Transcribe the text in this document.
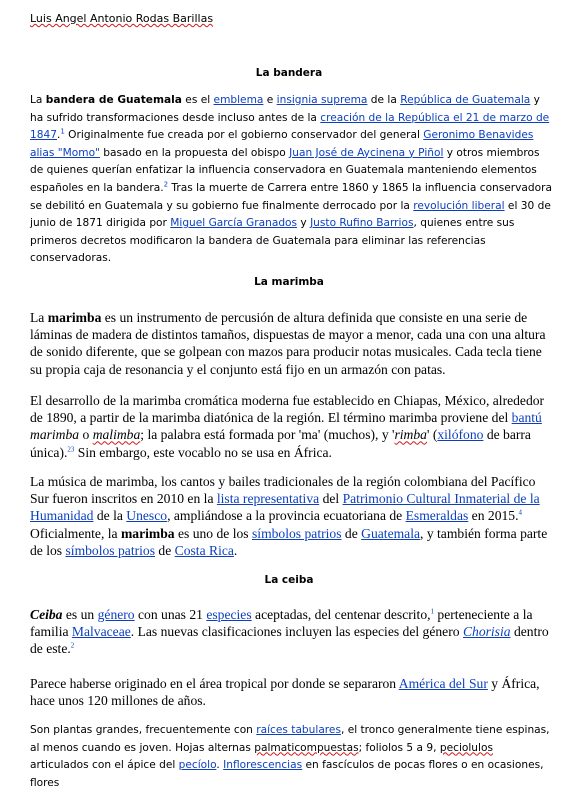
Luis Angel Antonio Rodas Barillas
La bandera

La bandera de Guatemala es el emblema e insignia suprema de la República de Guatemala y ha sufrido transformaciones desde incluso antes de la creación de la República el 21 de marzo de 1847.$^1$ Originalmente fue creada por el gobierno conservador del general Geronimo Benavides alias "Momo" basado en la propuesta del obispo Juan José de Aycinena y Piñol y otros miembros de quienes querían enfatizar la influencia conservadora en Guatemala manteniendo elementos españoles en la bandera.$^2$ Tras la muerte de Carrera entre 1860 y 1865 la influencia conservadora se debilitó en Guatemala y su gobierno fue finalmente derrocado por la revolución liberal el 30 de junio de 1871 dirigida por Miguel García Granados y Justo Rufino Barrios, quienes entre sus primeros decretos modificaron la bandera de Guatemala para eliminar las referencias conservadoras.

La marimba

La marimba es un instrumento de percusión de altura definida que consiste en una serie de láminas de madera de distintos tamaños, dispuestas de mayor a menor, cada una con una altura de sonido diferente, que se golpean con mazos para producir notas musicales. Cada tecla tiene su propia caja de resonancia y el conjunto está fijo en un armazón con patas.

El desarrollo de la marimba cromática moderna fue establecido en Chiapas, México, alrededor de 1890, a partir de la marimba diatónica de la región. El término marimba proviene del bantú marimba o malimba; la palabra está formada por 'ma' (muchos), y 'rimba' (xilófono de barra única).$^{23}$ Sin embargo, este vocablo no se usa en África.

La música de marimba, los cantos y bailes tradicionales de la región colombiana del Pacífico Sur fueron inscritos en 2010 en la lista representativa del Patrimonio Cultural Inmaterial de la Humanidad de la Unesco, ampliándose a la provincia ecuatoriana de Esmeraldas en 2015.$^4$ Oficialmente, la marimba es uno de los símbolos patrios de Guatemala, y también forma parte de los símbolos patrios de Costa Rica.

La ceiba

Ceiba es un género con unas 21 especies aceptadas, del centenar descrito,$^1$ perteneciente a la familia Malvaceae. Las nuevas clasificaciones incluyen las especies del género Chorisia dentro de este.$^2$

Parece haberse originado en el área tropical por donde se separaron América del Sur y África, hace unos 120 millones de años.

Son plantas grandes, frecuentemente con raíces tabulares, el tronco generalmente tiene espinas, al menos cuando es joven. Hojas alternas palmaticompuestas; foliolos 5 a 9, peciolulos articulados con el ápice del pecíolo. Inflorescencias en fascículos de pocas flores o en ocasiones, flores
